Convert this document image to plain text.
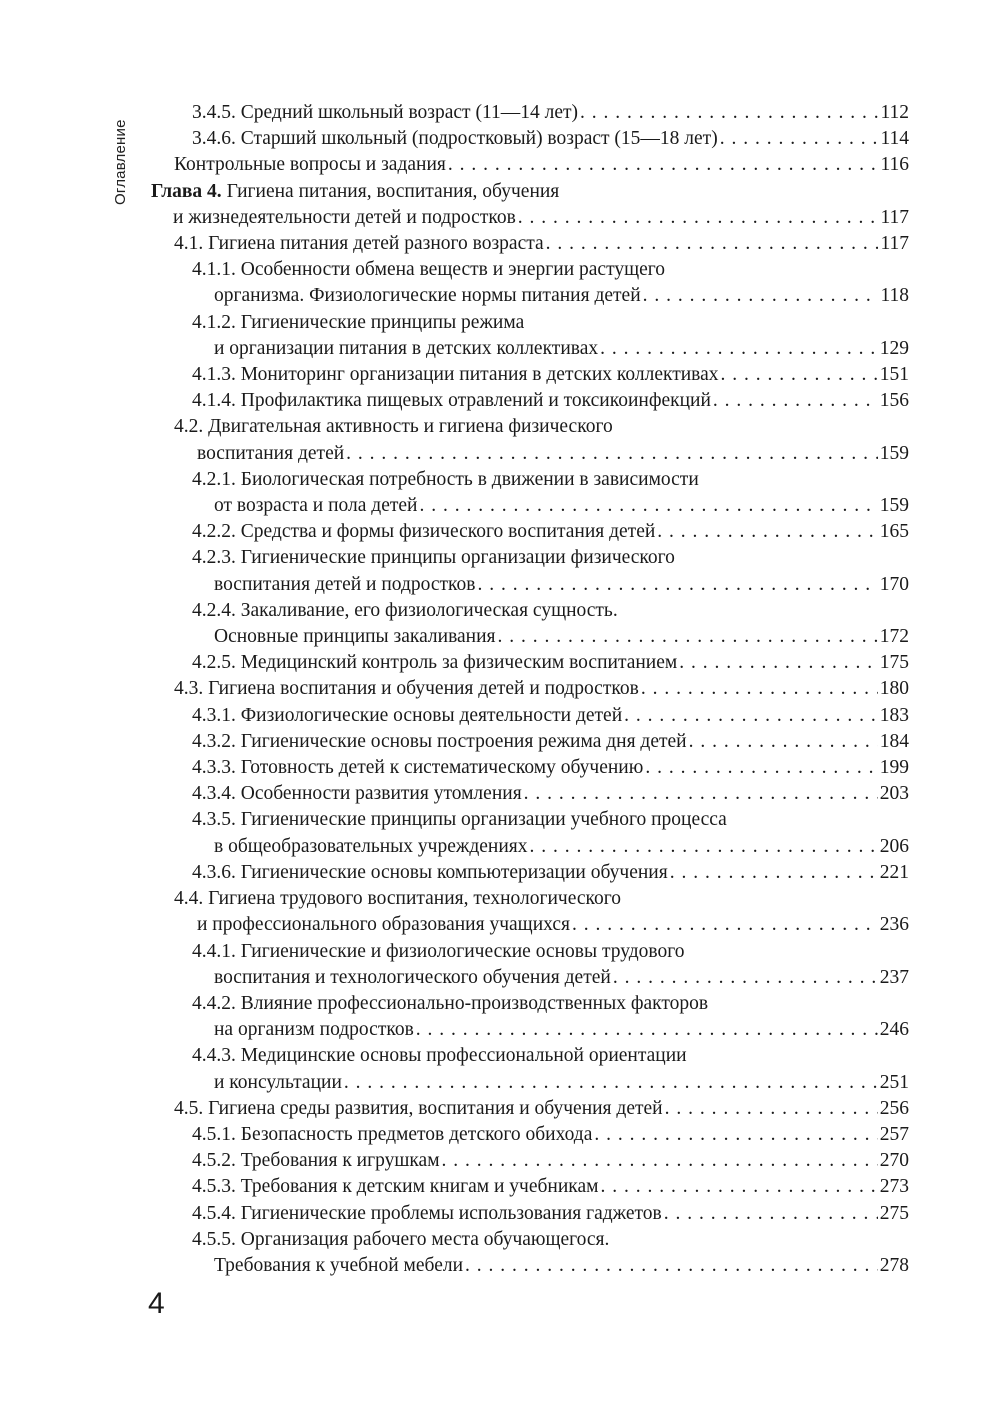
Оглавление
3.4.5. Средний школьный возраст (11—14 лет) . . .	112
3.4.6. Старший школьный (подростковый) возраст (15—18 лет) . . .	114
Контрольные вопросы и задания . . .	116
Глава 4. Гигиена питания, воспитания, обучения
и жизнедеятельности детей и подростков . . .	117
4.1. Гигиена питания детей разного возраста . . .	117
4.1.1. Особенности обмена веществ и энергии растущего
организма. Физиологические нормы питания детей . . .	118
4.1.2. Гигиенические принципы режима
и организации питания в детских коллективах . . .	129
4.1.3. Мониторинг организации питания в детских коллективах . . .	151
4.1.4. Профилактика пищевых отравлений и токсикоинфекций . . .	156
4.2. Двигательная активность и гигиена физического
воспитания детей . . .	159
4.2.1. Биологическая потребность в движении в зависимости
от возраста и пола детей . . .	159
4.2.2. Средства и формы физического воспитания детей . . .	165
4.2.3. Гигиенические принципы организации физического
воспитания детей и подростков . . .	170
4.2.4. Закаливание, его физиологическая сущность.
Основные принципы закаливания . . .	172
4.2.5. Медицинский контроль за физическим воспитанием . . .	175
4.3. Гигиена воспитания и обучения детей и подростков . . .	180
4.3.1. Физиологические основы деятельности детей . . .	183
4.3.2. Гигиенические основы построения режима дня детей . . .	184
4.3.3. Готовность детей к систематическому обучению . . .	199
4.3.4. Особенности развития утомления . . .	203
4.3.5. Гигиенические принципы организации учебного процесса
в общеобразовательных учреждениях . . .	206
4.3.6. Гигиенические основы компьютеризации обучения . . .	221
4.4. Гигиена трудового воспитания, технологического
и профессионального образования учащихся . . .	236
4.4.1. Гигиенические и физиологические основы трудового
воспитания и технологического обучения детей . . .	237
4.4.2. Влияние профессионально-производственных факторов
на организм подростков . . .	246
4.4.3. Медицинские основы профессиональной ориентации
и консультации . . .	251
4.5. Гигиена среды развития, воспитания и обучения детей . . .	256
4.5.1. Безопасность предметов детского обихода . . .	257
4.5.2. Требования к игрушкам . . .	270
4.5.3. Требования к детским книгам и учебникам . . .	273
4.5.4. Гигиенические проблемы использования гаджетов . . .	275
4.5.5. Организация рабочего места обучающегося.
Требования к учебной мебели . . .	278
4
